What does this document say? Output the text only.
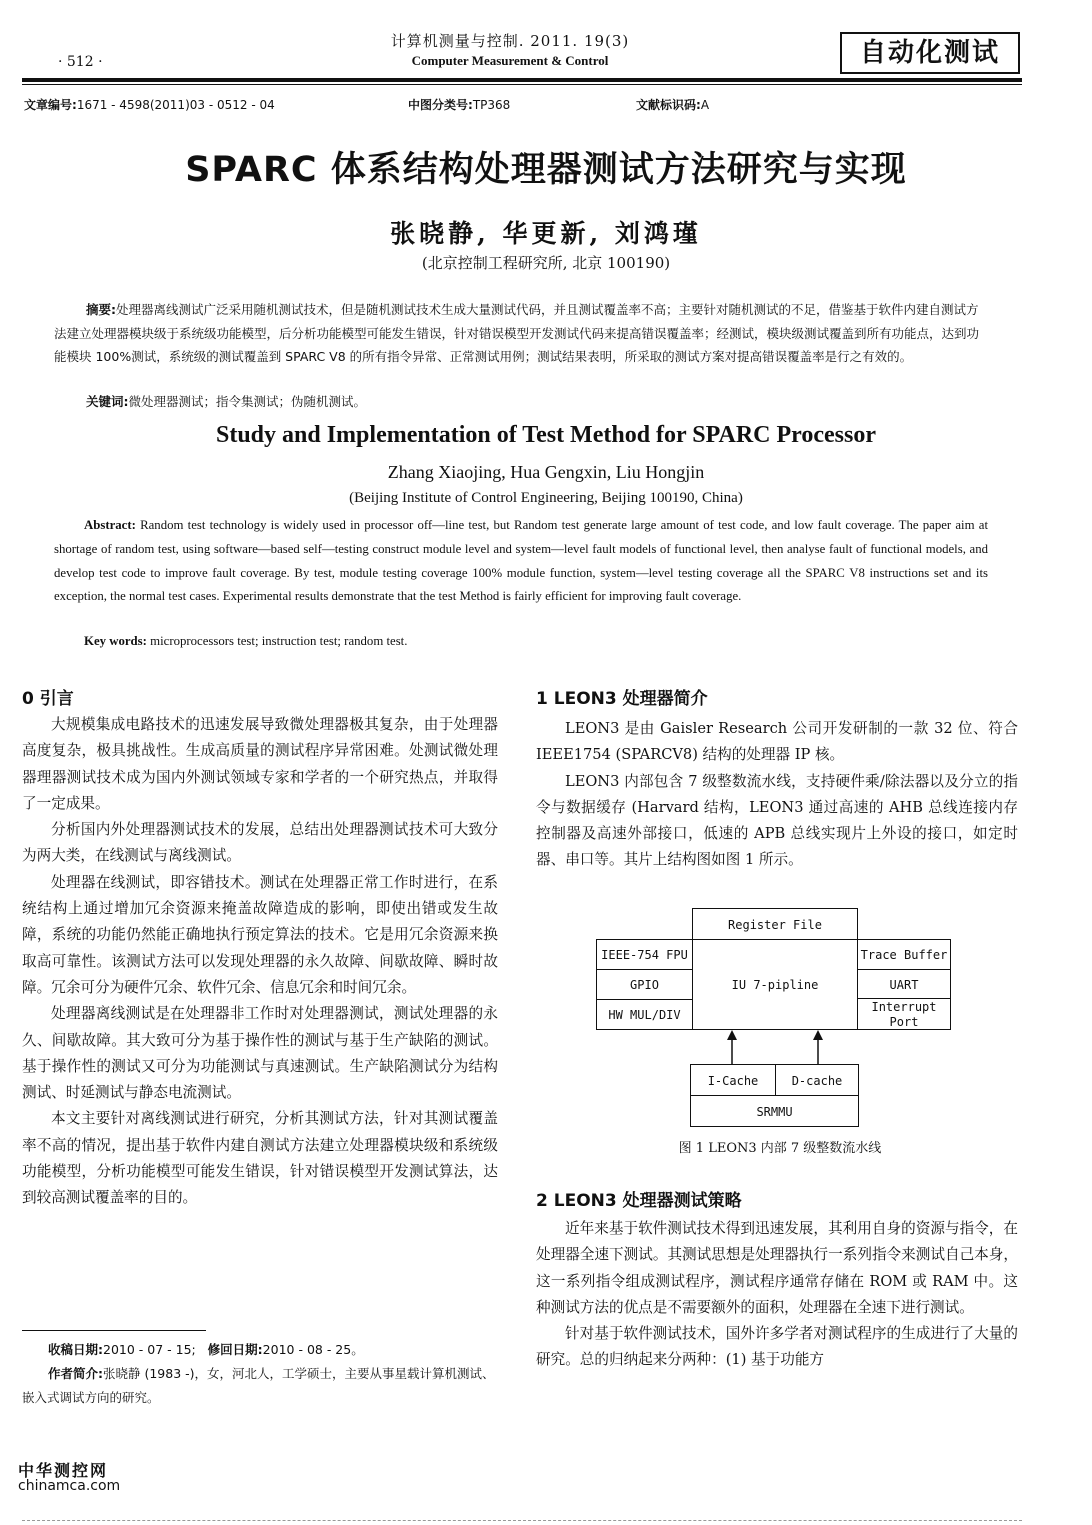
· 512 ·
计算机测量与控制. 2011. 19(3)
Computer Measurement & Control	自动化测试
文章编号:1671 - 4598(2011)03 - 0512 - 04	中图分类号:TP368	文献标识码:A
SPARC 体系结构处理器测试方法研究与实现
张晓静, 华更新, 刘鸿瑾
(北京控制工程研究所, 北京 100190)
摘要:处理器离线测试广泛采用随机测试技术，但是随机测试技术生成大量测试代码，并且测试覆盖率不高；主要针对随机测试的不足，借鉴基于软件内建自测试方法建立处理器模块级于系统级功能模型，后分析功能模型可能发生错误，针对错误模型开发测试代码来提高错误覆盖率；经测试，模块级测试覆盖到所有功能点，达到功能模块 100%测试，系统级的测试覆盖到 SPARC V8 的所有指令异常、正常测试用例；测试结果表明，所采取的测试方案对提高错误覆盖率是行之有效的。
关键词:微处理器测试；指令集测试；伪随机测试。
Study and Implementation of Test Method for SPARC Processor
Zhang Xiaojing, Hua Gengxin, Liu Hongjin
(Beijing Institute of Control Engineering, Beijing 100190, China)
Abstract: Random test technology is widely used in processor off—line test, but Random test generate large amount of test code, and low fault coverage. The paper aim at shortage of random test, using software—based self—testing construct module level and system—level fault models of functional level, then analyse fault of functional models, and develop test code to improve fault coverage. By test, module testing coverage 100% module function, system—level testing coverage all the SPARC V8 instructions set and its exception, the normal test cases. Experimental results demonstrate that the test Method is fairly efficient for improving fault coverage.
Key words: microprocessors test; instruction test; random test.
0 引言

大规模集成电路技术的迅速发展导致微处理器极其复杂，由于处理器高度复杂，极具挑战性。生成高质量的测试程序异常困难。处测试微处理器理器测试技术成为国内外测试领域专家和学者的一个研究热点，并取得了一定成果。

分析国内外处理器测试技术的发展，总结出处理器测试技术可大致分为两大类，在线测试与离线测试。

处理器在线测试，即容错技术。测试在处理器正常工作时进行，在系统结构上通过增加冗余资源来掩盖故障造成的影响，即使出错或发生故障，系统的功能仍然能正确地执行预定算法的技术。它是用冗余资源来换取高可靠性。该测试方法可以发现处理器的永久故障、间歇故障、瞬时故障。冗余可分为硬件冗余、软件冗余、信息冗余和时间冗余。

处理器离线测试是在处理器非工作时对处理器测试，测试处理器的永久、间歇故障。其大致可分为基于操作性的测试与基于生产缺陷的测试。基于操作性的测试又可分为功能测试与真速测试。生产缺陷测试分为结构测试、时延测试与静态电流测试。

本文主要针对离线测试进行研究，分析其测试方法，针对其测试覆盖率不高的情况，提出基于软件内建自测试方法建立处理器模块级和系统级功能模型，分析功能模型可能发生错误，针对错误模型开发测试算法，达到较高测试覆盖率的目的。

1 LEON3 处理器简介

LEON3 是由 Gaisler Research 公司开发研制的一款 32 位、符合 IEEE1754 (SPARCV8) 结构的处理器 IP 核。

LEON3 内部包含 7 级整数流水线，支持硬件乘/除法器以及分立的指令与数据缓存 (Harvard 结构，LEON3 通过高速的 AHB 总线连接内存控制器及高速外部接口，低速的 APB 总线实现片上外设的接口，如定时器、串口等。其片上结构图如图 1 所示。

Register File
IU 7-pipline
IEEE-754 FPU
GPIO
HW MUL/DIV
Trace Buffer
UART
Interrupt Port
I-Cache	D-cache
SRMMU
图 1 LEON3 内部 7 级整数流水线
2 LEON3 处理器测试策略

近年来基于软件测试技术得到迅速发展，其利用自身的资源与指令，在处理器全速下测试。其测试思想是处理器执行一系列指令来测试自己本身，这一系列指令组成测试程序，测试程序通常存储在 ROM 或 RAM 中。这种测试方法的优点是不需要额外的面积，处理器在全速下进行测试。

针对基于软件测试技术，国外许多学者对测试程序的生成进行了大量的研究。总的归纳起来分两种：(1) 基于功能方

收稿日期:2010 - 07 - 15; 修回日期:2010 - 08 - 25。
作者简介:张晓静 (1983 -)，女，河北人，工学硕士，主要从事星载计算机测试、嵌入式调试方向的研究。
中华测控网
chinamca.com
